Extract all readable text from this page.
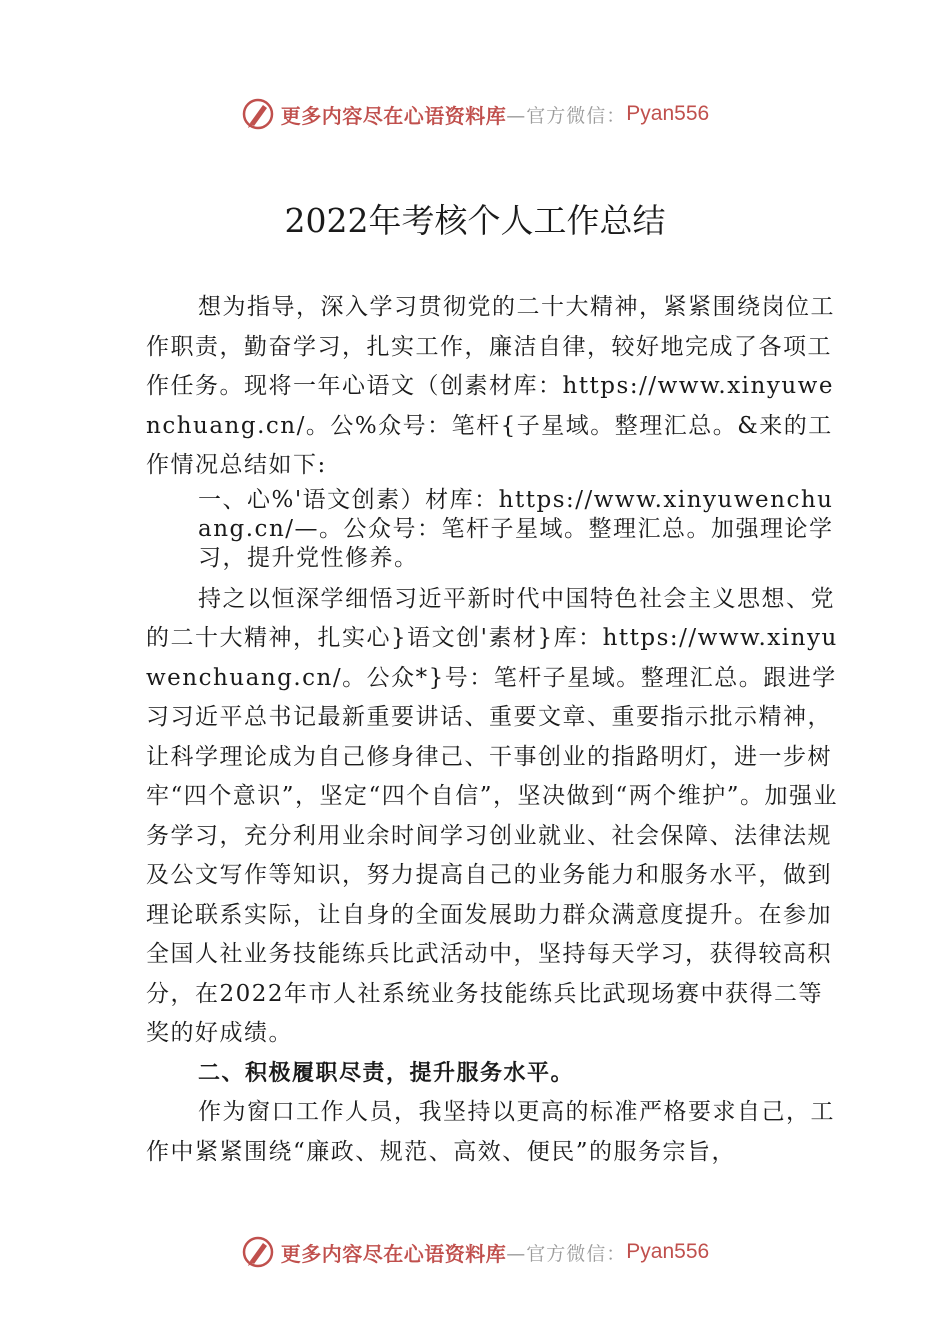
更多内容尽在心语资料库 —官方微信： Pyan556
2022年考核个人工作总结

想为指导，深入学习贯彻党的二十大精神，紧紧围绕岗位工作职责，勤奋学习，扎实工作，廉洁自律，较好地完成了各项工作任务。现将一年心语文（创素材库：https://www.xinyuwenchuang.cn/。公%众号：笔杆{子星域。整理汇总。&来的工作情况总结如下:

一、心%'语文创素）材库：https://www.xinyuwenchuang.cn/—。公众号：笔杆子星域。整理汇总。加强理论学习，提升党性修养。

持之以恒深学细悟习近平新时代中国特色社会主义思想、党的二十大精神，扎实心}语文创'素材}库：https://www.xinyuwenchuang.cn/。公众*}号：笔杆子星域。整理汇总。跟进学习习近平总书记最新重要讲话、重要文章、重要指示批示精神，让科学理论成为自己修身律己、干事创业的指路明灯，进一步树牢“四个意识”，坚定“四个自信”，坚决做到“两个维护”。加强业务学习，充分利用业余时间学习创业就业、社会保障、法律法规及公文写作等知识，努力提高自己的业务能力和服务水平，做到理论联系实际，让自身的全面发展助力群众满意度提升。在参加全国人社业务技能练兵比武活动中，坚持每天学习，获得较高积分，在2022年市人社系统业务技能练兵比武现场赛中获得二等奖的好成绩。

二、积极履职尽责，提升服务水平。

作为窗口工作人员，我坚持以更高的标准严格要求自己，工作中紧紧围绕“廉政、规范、高效、便民”的服务宗旨，

更多内容尽在心语资料库 —官方微信： Pyan556
